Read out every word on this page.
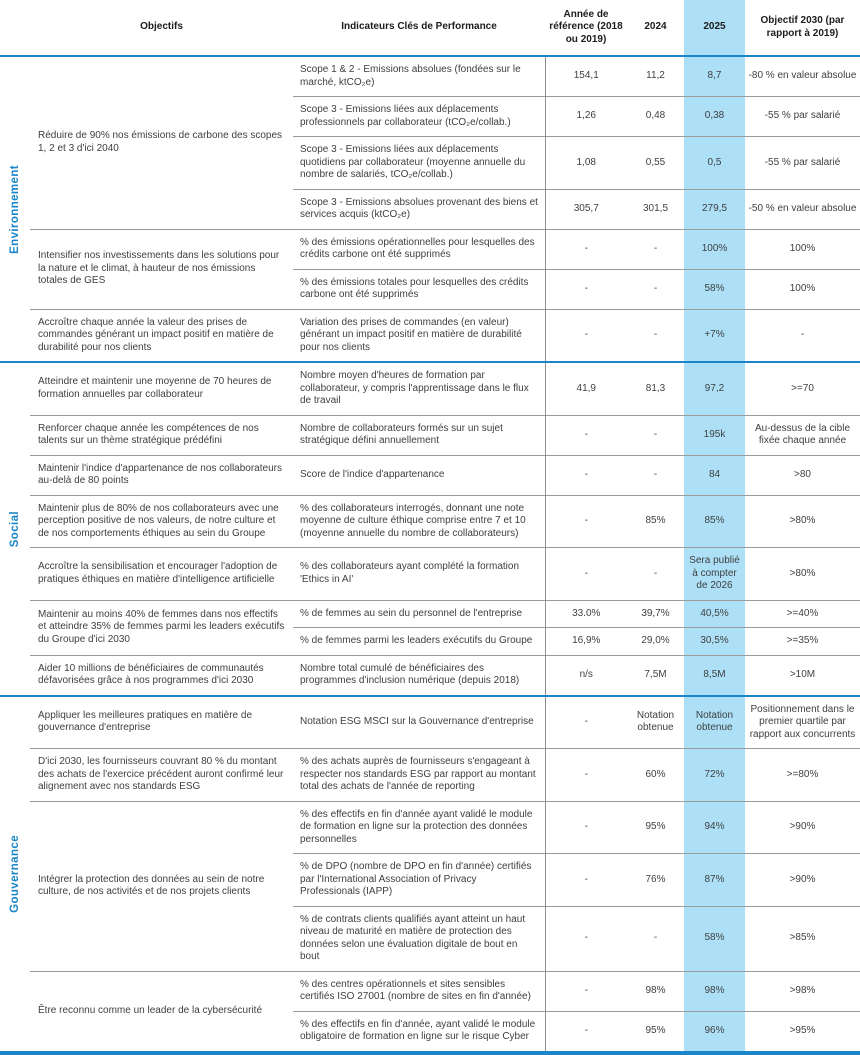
	Objectifs	Indicateurs Clés de Performance	Année de référence (2018 ou 2019)	2024	2025	Objectif 2030 (par rapport à 2019)

Environnement	Réduire de 90% nos émissions de carbone des scopes 1, 2 et 3 d'ici 2040	Scope 1 & 2 - Emissions absolues (fondées sur le marché, ktCO₂e)	154,1	11,2	8,7	-80 % en valeur absolue
		Scope 3 - Emissions liées aux déplacements professionnels par collaborateur (tCO₂e/collab.)	1,26	0,48	0,38	-55 % par salarié
		Scope 3 - Emissions liées aux déplacements quotidiens par collaborateur (moyenne annuelle du nombre de salariés, tCO₂e/collab.)	1,08	0,55	0,5	-55 % par salarié
		Scope 3 - Emissions absolues provenant des biens et services acquis (ktCO₂e)	305,7	301,5	279,5	-50 % en valeur absolue
	Intensifier nos investissements dans les solutions pour la nature et le climat, à hauteur de nos émissions totales de GES	% des émissions opérationnelles pour lesquelles des crédits carbone ont été supprimés	-	-	100%	100%
		% des émissions totales pour lesquelles des crédits carbone ont été supprimés	-	-	58%	100%
	Accroître chaque année la valeur des prises de commandes générant un impact positif en matière de durabilité pour nos clients	Variation des prises de commandes (en valeur) générant un impact positif en matière de durabilité pour nos clients	-	-	+7%	-

Social	Atteindre et maintenir une moyenne de 70 heures de formation annuelles par collaborateur	Nombre moyen d'heures de formation par collaborateur, y compris l'apprentissage dans le flux de travail	41,9	81,3	97,2	>=70
	Renforcer chaque année les compétences de nos talents sur un thème stratégique prédéfini	Nombre de collaborateurs formés sur un sujet stratégique défini annuellement	-	-	195k	Au-dessus de la cible fixée chaque année
	Maintenir l'indice d'appartenance de nos collaborateurs au-delà de 80 points	Score de l'indice d'appartenance	-	-	84	>80
	Maintenir plus de 80% de nos collaborateurs avec une perception positive de nos valeurs, de notre culture et de nos comportements éthiques au sein du Groupe	% des collaborateurs interrogés, donnant une note moyenne de culture éthique comprise entre 7 et 10 (moyenne annuelle du nombre de collaborateurs)	-	85%	85%	>80%
	Accroître la sensibilisation et encourager l'adoption de pratiques éthiques en matière d'intelligence artificielle	% des collaborateurs ayant complété la formation 'Ethics in AI'	-	-	Sera publié à compter de 2026	>80%
	Maintenir au moins 40% de femmes dans nos effectifs et atteindre 35% de femmes parmi les leaders exécutifs du Groupe d'ici 2030	% de femmes au sein du personnel de l'entreprise	33.0%	39,7%	40,5%	>=40%
		% de femmes parmi les leaders exécutifs du Groupe	16,9%	29,0%	30,5%	>=35%
	Aider 10 millions de bénéficiaires de communautés défavorisées grâce à nos programmes d'ici 2030	Nombre total cumulé de bénéficiaires des programmes d'inclusion numérique (depuis 2018)	n/s	7,5M	8,5M	>10M

Gouvernance	Appliquer les meilleures pratiques en matière de gouvernance d'entreprise	Notation ESG MSCI sur la Gouvernance d'entreprise	-	Notation obtenue	Notation obtenue	Positionnement dans le premier quartile par rapport aux concurrents
	D'ici 2030, les fournisseurs couvrant 80 % du montant des achats de l'exercice précédent auront confirmé leur alignement avec nos standards ESG	% des achats auprès de fournisseurs s'engageant à respecter nos standards ESG par rapport au montant total des achats de l'année de reporting	-	60%	72%	>=80%
	Intégrer la protection des données au sein de notre culture, de nos activités et de nos projets clients	% des effectifs en fin d'année ayant validé le module de formation en ligne sur la protection des données personnelles	-	95%	94%	>90%
		% de DPO (nombre de DPO en fin d'année) certifiés par l'International Association of Privacy Professionals (IAPP)	-	76%	87%	>90%
		% de contrats clients qualifiés ayant atteint un haut niveau de maturité en matière de protection des données selon une évaluation digitale de bout en bout	-	-	58%	>85%
	Être reconnu comme un leader de la cybersécurité	% des centres opérationnels et sites sensibles certifiés ISO 27001 (nombre de sites en fin d'année)	-	98%	98%	>98%
		% des effectifs en fin d'année, ayant validé le module obligatoire de formation en ligne sur le risque Cyber	-	95%	96%	>95%
